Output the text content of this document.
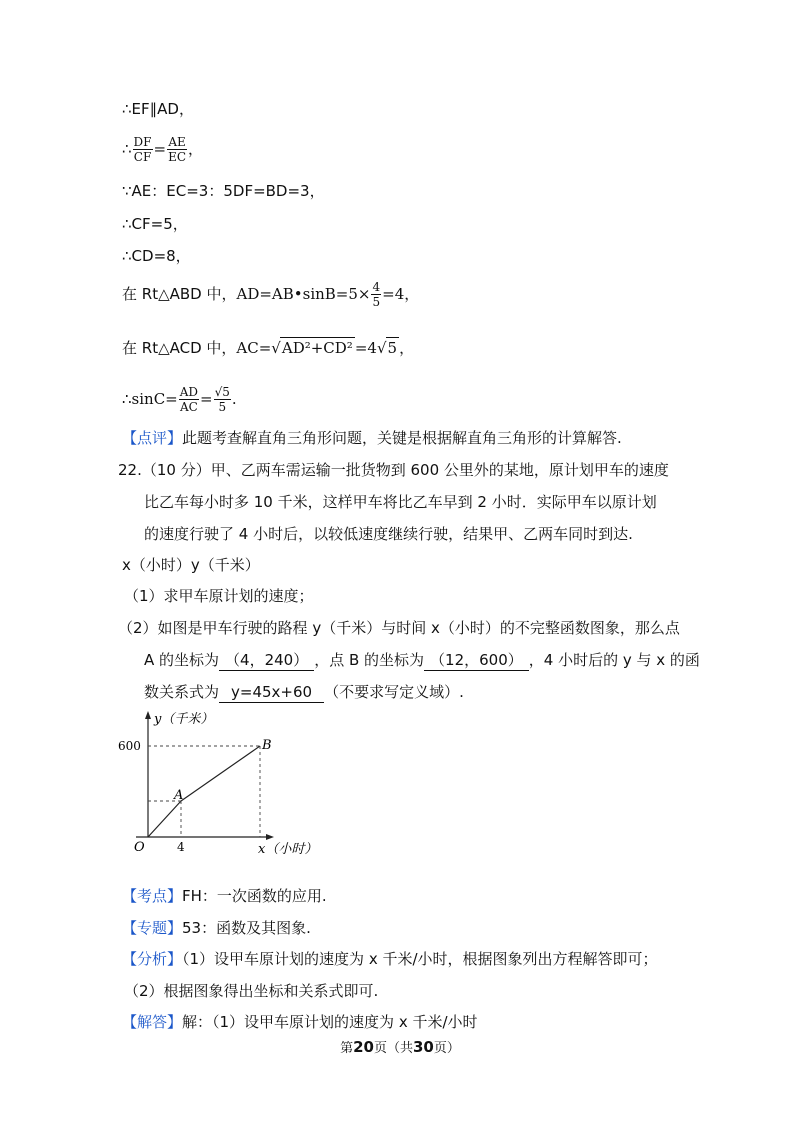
∴EF∥AD，
∴ $\frac{DF}{CF} = \frac{AE}{EC}$ ，
∵AE：EC=3：5DF=BD=3，
∴CF=5，
∴CD=8，
在 Rt△ABD 中，AD=AB•sinB=5× $\frac{4}{5} =4$，
在 Rt△ACD 中，AC=√AD²+CD² =4√5 ，
∴sinC= $\frac{AD}{AC} = \frac{√5}{5}$ .
【点评】此题考查解直角三角形问题，关键是根据解直角三角形的计算解答.
22.（10 分）甲、乙两车需运输一批货物到 600 公里外的某地，原计划甲车的速度
比乙车每小时多 10 千米，这样甲车将比乙车早到 2 小时．实际甲车以原计划
的速度行驶了 4 小时后，以较低速度继续行驶，结果甲、乙两车同时到达.
x（小时）y（千米）
（1）求甲车原计划的速度；
（2）如图是甲车行驶的路程 y（千米）与时间 x（小时）的不完整函数图象，那么点
A 的坐标为 （4，240） ，点 B 的坐标为 （12，600） ，4 小时后的 y 与 x 的函
数关系式为 y=45x+60 （不要求写定义域）.
y（千米）
600	B
A
O	4	x（小时）
【考点】FH：一次函数的应用.
【专题】53：函数及其图象.
【分析】（1）设甲车原计划的速度为 x 千米/小时，根据图象列出方程解答即可；
（2）根据图象得出坐标和关系式即可.
【解答】解：（1）设甲车原计划的速度为 x 千米/小时
第20页（共30页）
